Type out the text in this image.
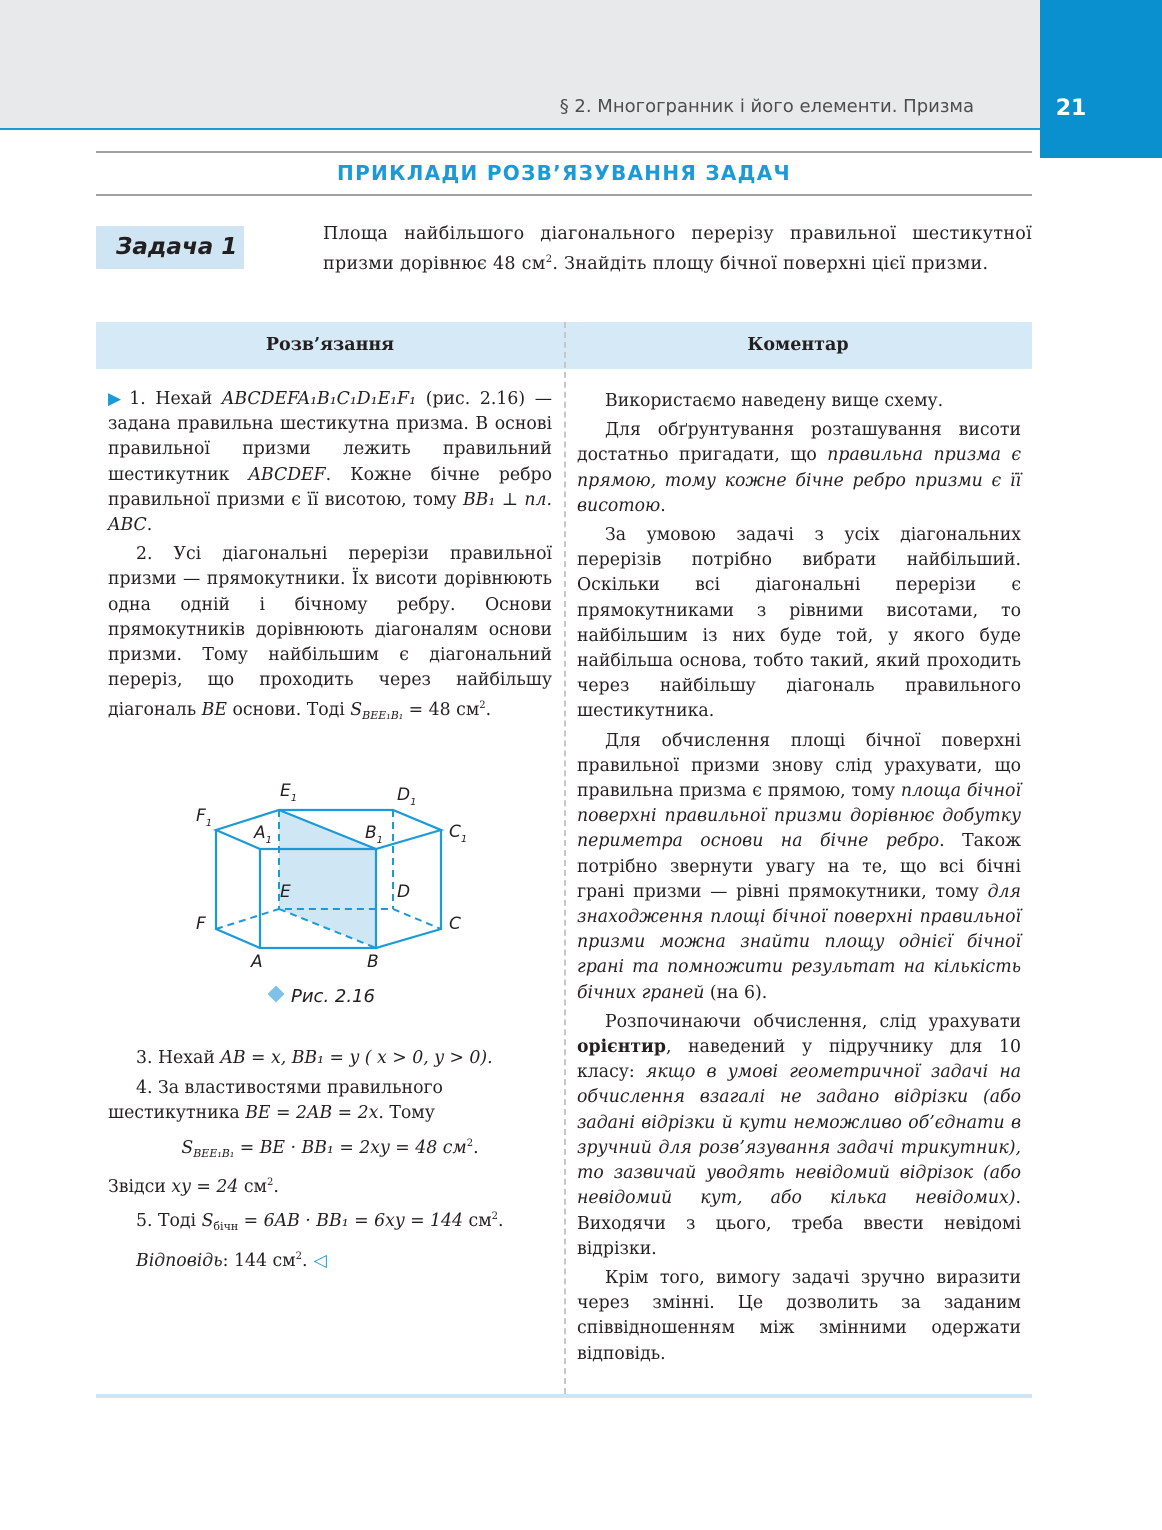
§ 2. Многогранник і його елементи. Призма	21
ПРИКЛАДИ РОЗВ’ЯЗУВАННЯ ЗАДАЧ
Задача 1	Площа найбільшого діагонального перерізу правильної шестикутної призми дорівнює 48 $см^2$. Знайдіть площу бічної поверхні цієї призми.
Розв’язання	Коментар

▶ 1. Нехай ABCDEFA₁B₁C₁D₁E₁F₁ (рис. 2.16) — задана правильна шестикутна призма. В основі правильної призми лежить правильний шестикутник ABCDEF. Кожне бічне ребро правильної призми є її висотою, тому BB₁ ⊥ пл. ABC.

2. Усі діагональні перерізи правильної призми — прямокутники. Їх висоти дорівнюють одна одній і бічному ребру. Основи прямокутників дорівнюють діагоналям основи призми. Тому найбільшим є діагональний переріз, що проходить через найбільшу діагональ BE основи. Тоді $S_{BEE_1B_1} = 48$ $см^2$.

$E_1$	$D_1$
$F_1$ $A_1$	$B_1$	$C_1$
E	D
F	C
A	B
Рис. 2.16

3. Нехай AB = x, BB₁ = y ( x > 0, y > 0).

4. За властивостями правильного шестикутника BE = 2AB = 2x. Тому

$S_{BEE_1B_1}$ = BE · BB₁ = 2xy = 48 $см^2$.

Звідси xy = 24 $см^2$.

5. Тоді $S_{бічн} = 6AB \cdot BB_1 = 6xy = 144$ $см^2$.

Відповідь: 144 $см^2$. ◁

Використаємо наведену вище схему.

Для обґрунтування розташування висоти достатньо пригадати, що правильна призма є прямою, тому кожне бічне ребро призми є її висотою.

За умовою задачі з усіх діагональних перерізів потрібно вибрати найбільший. Оскільки всі діагональні перерізи є прямокутниками з рівними висотами, то найбільшим із них буде той, у якого буде найбільша основа, тобто такий, який проходить через найбільшу діагональ правильного шестикутника.

Для обчислення площі бічної поверхні правильної призми знову слід урахувати, що правильна призма є прямою, тому площа бічної поверхні правильної призми дорівнює добутку периметра основи на бічне ребро. Також потрібно звернути увагу на те, що всі бічні грані призми — рівні прямокутники, тому для знаходження площі бічної поверхні правильної призми можна знайти площу однієї бічної грані та помножити результат на кількість бічних граней (на 6).

Розпочинаючи обчислення, слід урахувати орієнтир, наведений у підручнику для 10 класу: якщо в умові геометричної задачі на обчислення взагалі не задано відрізки (або задані відрізки й кути неможливо об’єднати в зручний для розв’язування задачі трикутник), то зазвичай уводять невідомий відрізок (або невідомий кут, або кілька невідомих). Виходячи з цього, треба ввести невідомі відрізки.

Крім того, вимогу задачі зручно виразити через змінні. Це дозволить за заданим співвідношенням між змінними одержати відповідь.
